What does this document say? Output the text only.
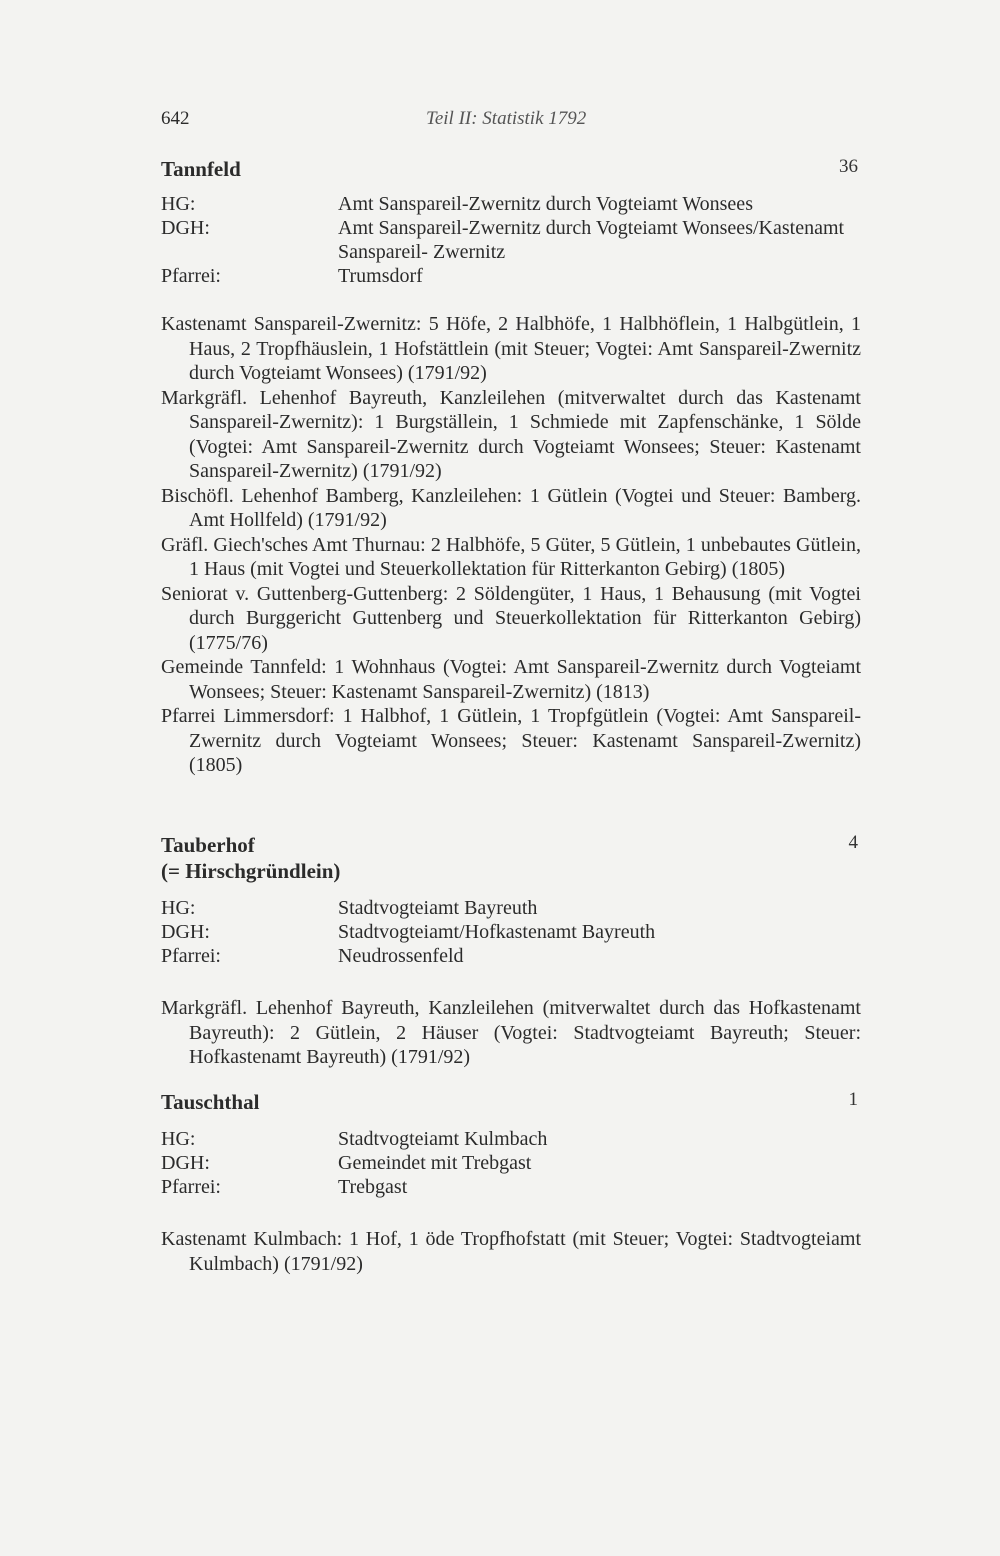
642	Teil II: Statistik 1792
Tannfeld	36
HG:	Amt Sanspareil-Zwernitz durch Vogteiamt Wonsees
DGH:	Amt Sanspareil-Zwernitz durch Vogteiamt Wonsees/Kastenamt Sanspareil- Zwernitz
Pfarrei:	Trumsdorf

Kastenamt Sanspareil-Zwernitz: 5 Höfe, 2 Halbhöfe, 1 Halbhöflein, 1 Halbgütlein, 1 Haus, 2 Tropfhäuslein, 1 Hofstättlein (mit Steuer; Vogtei: Amt Sanspareil-Zwernitz durch Vogteiamt Wonsees) (1791/92)

Markgräfl. Lehenhof Bayreuth, Kanzleilehen (mitverwaltet durch das Kastenamt Sanspareil-Zwernitz): 1 Burgställein, 1 Schmiede mit Zapfenschänke, 1 Sölde (Vogtei: Amt Sanspareil-Zwernitz durch Vogteiamt Wonsees; Steuer: Kastenamt Sanspareil-Zwernitz) (1791/92)

Bischöfl. Lehenhof Bamberg, Kanzleilehen: 1 Gütlein (Vogtei und Steuer: Bamberg. Amt Hollfeld) (1791/92)

Gräfl. Giech'sches Amt Thurnau: 2 Halbhöfe, 5 Güter, 5 Gütlein, 1 unbebautes Gütlein, 1 Haus (mit Vogtei und Steuerkollektation für Ritterkanton Gebirg) (1805)

Seniorat v. Guttenberg-Guttenberg: 2 Söldengüter, 1 Haus, 1 Behausung (mit Vogtei durch Burggericht Guttenberg und Steuerkollektation für Ritterkanton Gebirg) (1775/76)

Gemeinde Tannfeld: 1 Wohnhaus (Vogtei: Amt Sanspareil-Zwernitz durch Vogteiamt Wonsees; Steuer: Kastenamt Sanspareil-Zwernitz) (1813)

Pfarrei Limmersdorf: 1 Halbhof, 1 Gütlein, 1 Tropfgütlein (Vogtei: Amt Sanspareil-Zwernitz durch Vogteiamt Wonsees; Steuer: Kastenamt Sanspareil-Zwernitz) (1805)

Tauberhof
(= Hirschgründlein)
4
HG:	Stadtvogteiamt Bayreuth
DGH:	Stadtvogteiamt/Hofkastenamt Bayreuth
Pfarrei:	Neudrossenfeld

Markgräfl. Lehenhof Bayreuth, Kanzleilehen (mitverwaltet durch das Hofkastenamt Bayreuth): 2 Gütlein, 2 Häuser (Vogtei: Stadtvogteiamt Bayreuth; Steuer: Hofkastenamt Bayreuth) (1791/92)

Tauschthal	1
HG:	Stadtvogteiamt Kulmbach
DGH:	Gemeindet mit Trebgast
Pfarrei:	Trebgast

Kastenamt Kulmbach: 1 Hof, 1 öde Tropfhofstatt (mit Steuer; Vogtei: Stadtvogteiamt Kulmbach) (1791/92)
